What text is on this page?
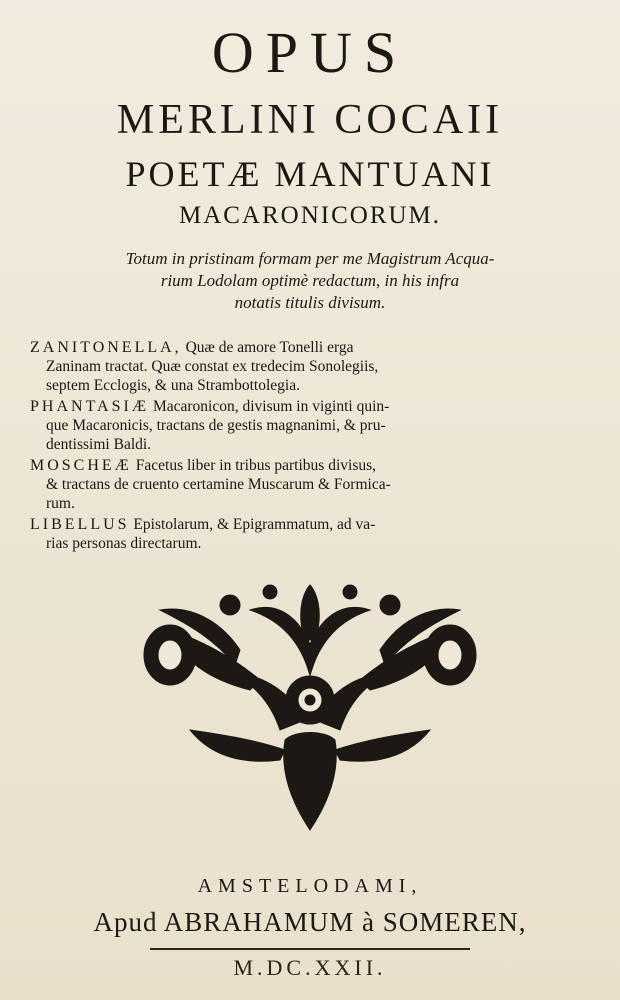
OPUS
MERLINI COCAII
POETÆ MANTUANI
MACARONICORUM.
Totum in pristinam formam per me Magistrum Acqua-
rium Lodolam optimè redactum, in his infra
notatis titulis divisum.
ZANITONELLA, Quæ de amore Tonelli erga
Zaninam tractat. Quæ constat ex tredecim Sonolegiis,
septem Ecclogis, & una Strambottolegia.
PHANTASIÆ Macaronicon, divisum in viginti quin-
que Macaronicis, tractans de gestis magnanimi, & pru-
dentissimi Baldi.
MOSCHEÆ Facetus liber in tribus partibus divisus,
& tractans de cruento certamine Muscarum & Formica-
rum.
LIBELLUS Epistolarum, & Epigrammatum, ad va-
rias personas directarum.
AMSTELODAMI,
Apud ABRAHAMUM à SOMEREN,
M.DC.XXII.
